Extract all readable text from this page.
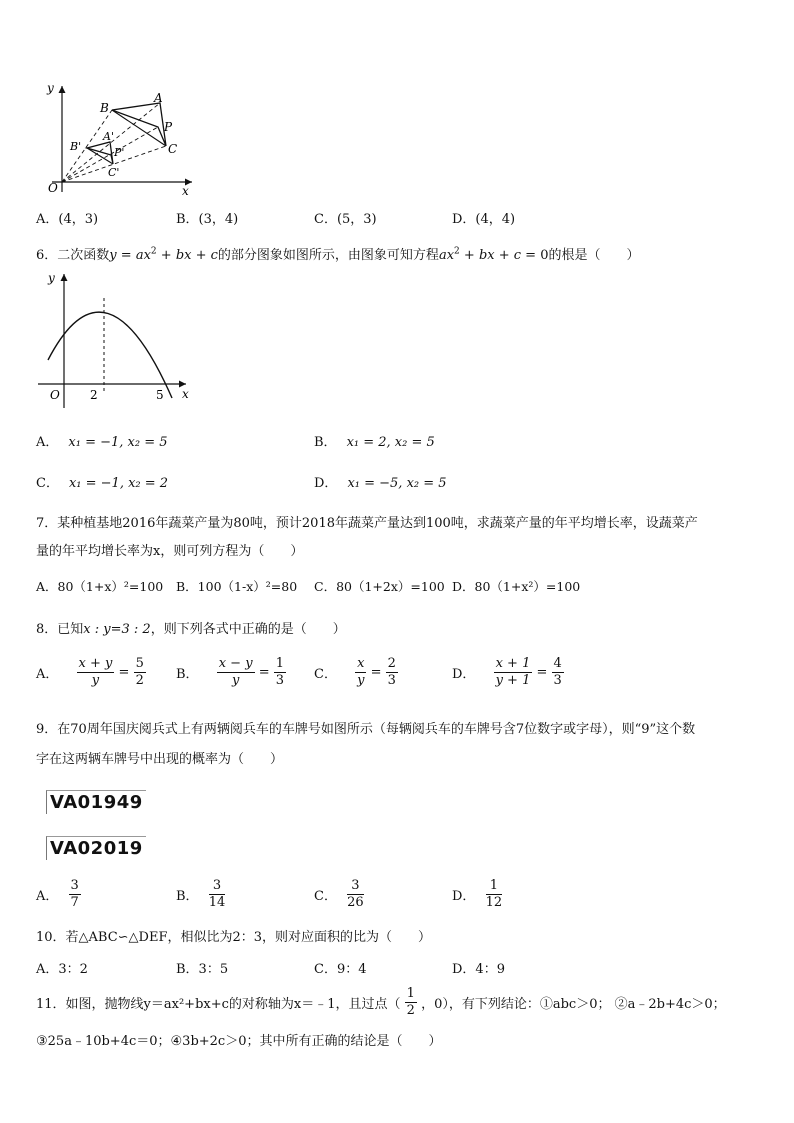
y
x
O
B
A
P
C
A'
B'	P'
C'
A．(4，3)	B．(3，4)	C．(5，3)	D．(4，4)
6．二次函数$y = ax^2$ + bx + c的部分图象如图所示，由图象可知方程$ax^2$ + bx + c = 0的根是（　　）
y
x
O	2	5
A． x₁ = −1, x₂ = 5	B． x₁ = 2, x₂ = 5
C． x₁ = −1, x₂ = 2	D． x₁ = −5, x₂ = 5
7．某种植基地2016年蔬菜产量为80吨，预计2018年蔬菜产量达到100吨，求蔬菜产量的年平均增长率，设蔬菜产
量的年平均增长率为x，则可列方程为（　　）
A．80（1+x）²=100 B．100（1-x）²=80 C．80（1+2x）=100 D．80（1+x²）=100
8．已知x : y=3 : 2，则下列各式中正确的是（　　）
A． $\frac{x + y}{y} = \frac{5}{2}$ B． $\frac{x - y}{y} = \frac{1}{3}$ C． $\frac{x}{y} = \frac{2}{3}$	D． $\frac{x + 1}{y + 1} = \frac{4}{3}$
9．在70周年国庆阅兵式上有两辆阅兵车的车牌号如图所示（每辆阅兵车的车牌号含7位数字或字母），则“9”这个数
字在这两辆车牌号中出现的概率为（　　）
VA01949
VA02019
A． $\frac{3}{7}$	B． $\frac{3}{14}$	C． $\frac{3}{26}$	D． $\frac{1}{12}$
10．若△ABC∽△DEF，相似比为2：3，则对应面积的比为（　　）
A．3：2	B．3：5	C．9：4	D．4：9
11．如图，抛物线y＝ax²+bx+c的对称轴为x＝﹣1，且过点（ $\frac{1}{2}$ ，0），有下列结论：①abc＞0； ②a﹣2b+4c＞0；
③25a﹣10b+4c＝0；④3b+2c＞0；其中所有正确的结论是（　　）
